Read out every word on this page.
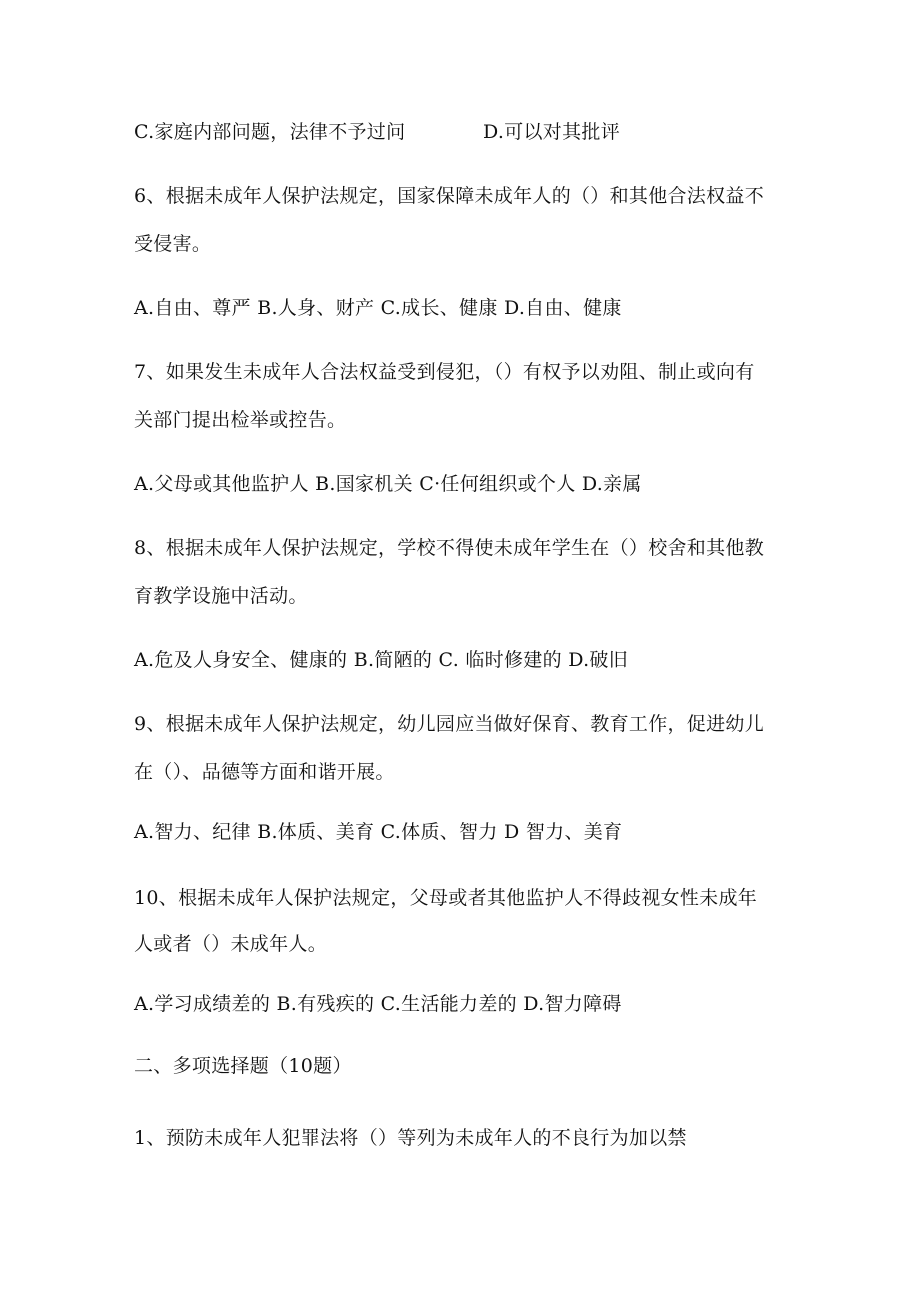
C.家庭内部问题，法律不予过问	D.可以对其批评
6、根据未成年人保护法规定，国家保障未成年人的（）和其他合法权益不
受侵害。
A.自由、尊严 B.人身、财产 C.成长、健康 D.自由、健康
7、如果发生未成年人合法权益受到侵犯，（）有权予以劝阻、制止或向有
关部门提出检举或控告。
A.父母或其他监护人 B.国家机关 C·任何组织或个人 D.亲属
8、根据未成年人保护法规定，学校不得使未成年学生在（）校舍和其他教
育教学设施中活动。
A.危及人身安全、健康的 B.简陋的 C. 临时修建的 D.破旧
9、根据未成年人保护法规定，幼儿园应当做好保育、教育工作，促进幼儿
在（）、品德等方面和谐开展。
A.智力、纪律 B.体质、美育 C.体质、智力 D 智力、美育
10、根据未成年人保护法规定，父母或者其他监护人不得歧视女性未成年
人或者（）未成年人。
A.学习成绩差的 B.有残疾的 C.生活能力差的 D.智力障碍
二、多项选择题（10题）
1、预防未成年人犯罪法将（）等列为未成年人的不良行为加以禁
